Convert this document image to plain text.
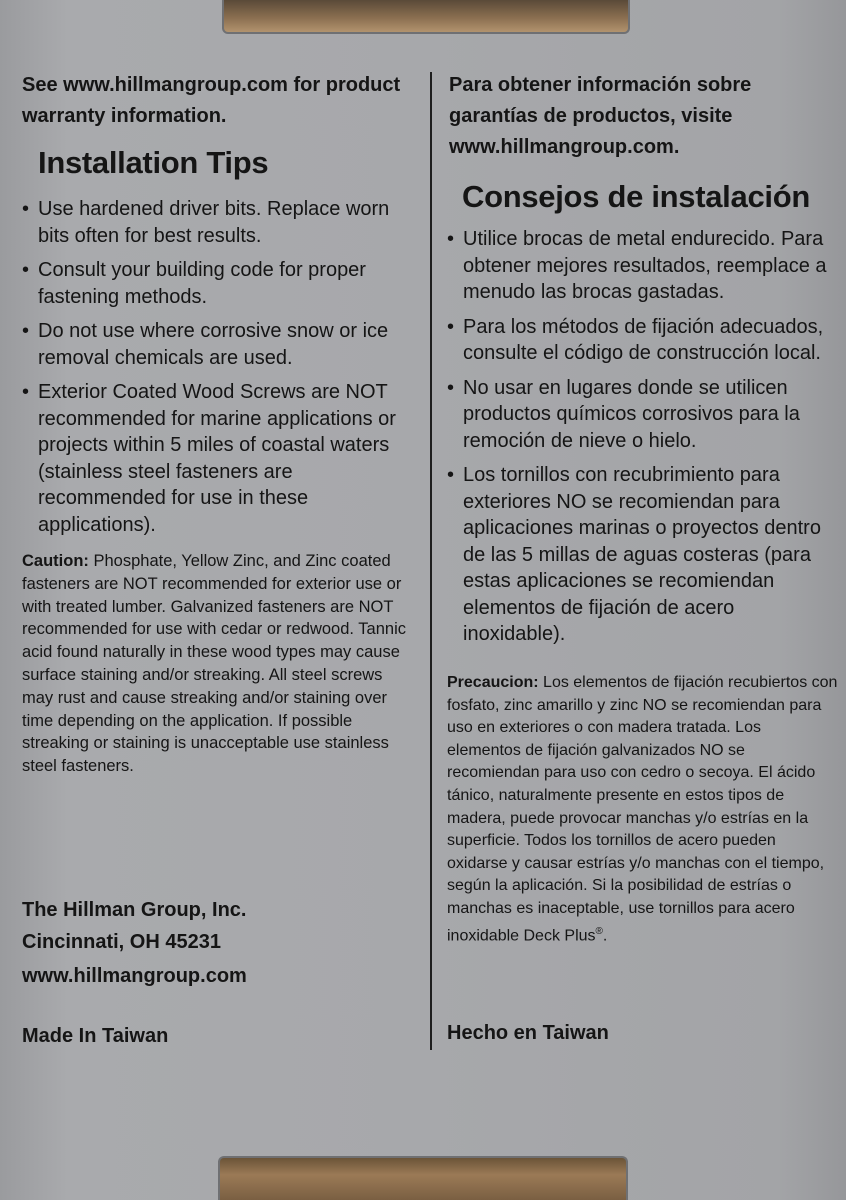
See www.hillmangroup.com for product warranty information.

Installation Tips
• Use hardened driver bits. Replace worn bits often for best results.
• Consult your building code for proper fastening methods.
• Do not use where corrosive snow or ice removal chemicals are used.
• Exterior Coated Wood Screws are NOT recommended for marine applications or projects within 5 miles of coastal waters (stainless steel fasteners are recommended for use in these applications).

Caution: Phosphate, Yellow Zinc, and Zinc coated fasteners are NOT recommended for exterior use or with treated lumber. Galvanized fasteners are NOT recommended for use with cedar or redwood. Tannic acid found naturally in these wood types may cause surface staining and/or streaking. All steel screws may rust and cause streaking and/or staining over time depending on the application. If possible streaking or staining is unacceptable use stainless steel fasteners.

The Hillman Group, Inc.
Cincinnati, OH 45231

www.hillmangroup.com

Made In Taiwan

Para obtener información sobre garantías de productos, visite www.hillmangroup.com.

Consejos de instalación
• Utilice brocas de metal endurecido. Para obtener mejores resultados, reemplace a menudo las brocas gastadas.
• Para los métodos de fijación adecuados, consulte el código de construcción local.
• No usar en lugares donde se utilicen productos químicos corrosivos para la remoción de nieve o hielo.
• Los tornillos con recubrimiento para exteriores NO se recomiendan para aplicaciones marinas o proyectos dentro de las 5 millas de aguas costeras (para estas aplicaciones se recomiendan elementos de fijación de acero inoxidable).

Precaucion: Los elementos de fijación recubiertos con fosfato, zinc amarillo y zinc NO se recomiendan para uso en exteriores o con madera tratada. Los elementos de fijación galvanizados NO se recomiendan para uso con cedro o secoya. El ácido tánico, naturalmente presente en estos tipos de madera, puede provocar manchas y/o estrías en la superficie. Todos los tornillos de acero pueden oxidarse y causar estrías y/o manchas con el tiempo, según la aplicación. Si la posibilidad de estrías o manchas es inaceptable, use tornillos para acero inoxidable Deck Plus®.

Hecho en Taiwan
